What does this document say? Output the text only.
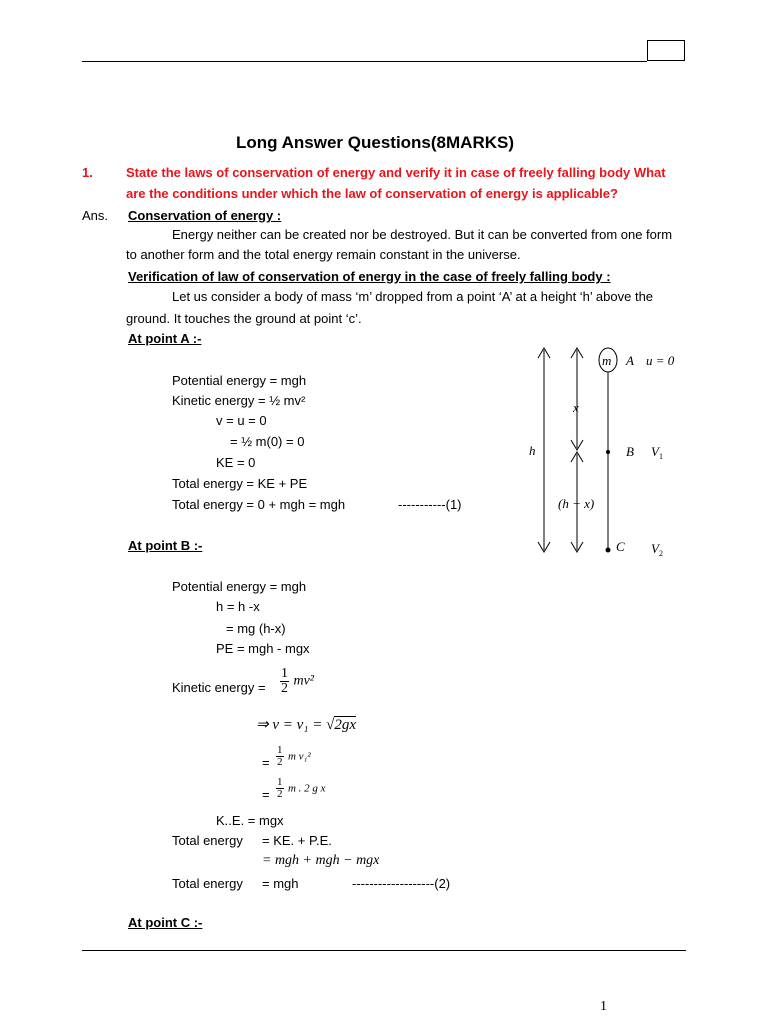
Long Answer Questions(8MARKS)
1.	State the laws of conservation of energy and verify it in case of freely falling body What
are the conditions under which the law of conservation of energy is applicable?
Ans. Conservation of energy :
Energy neither can be created nor be destroyed. But it can be converted from one form
to another form and the total energy remain constant in the universe.
Verification of law of conservation of energy in the case of freely falling body :
Let us consider a body of mass ‘m’ dropped from a point ‘A’ at a height ‘h’ above the
ground. It touches the ground at point ‘c’.
At point A :-
Potential energy = mgh
Kinetic energy = ½ mv²
v = u = 0
= ½ m(0) = 0
KE = 0
Total energy = KE + PE
Total energy = 0 + mgh = mgh	-----------(1)
At point B :-
Potential energy = mgh
h = h -x
= mg (h-x)
PE = mgh - mgx
Kinetic energy = $\frac{1}{2} mv^2$
⇒ v = v₁ = √2gx
= $\frac{1}{2}$ m v₁²
= $\frac{1}{2}$ m . 2 g x
K..E. = mgx
Total energy = KE. + P.E.
= mgh + mgh − mgx
Total energy = mgh	-------------------(2)
At point C :-
1
m A u = 0
x
h	B $V_1$
(h − x)
C $V_2$
